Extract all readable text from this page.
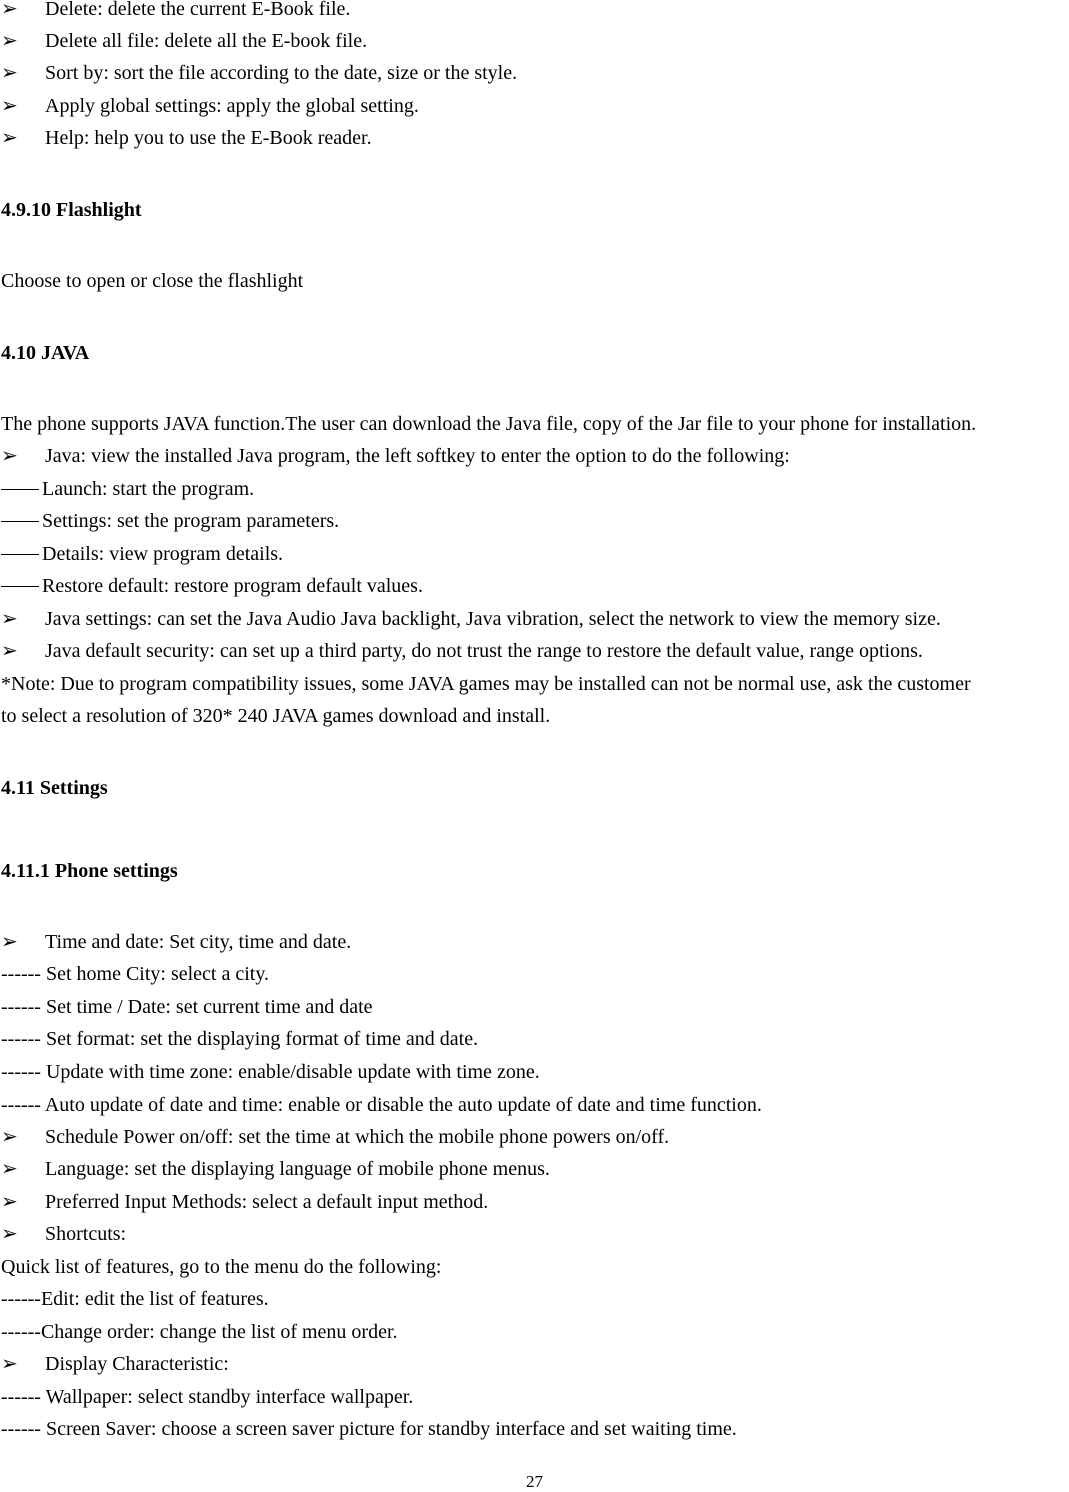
➢ Delete: delete the current E-Book file.
➢ Delete all file: delete all the E-book file.
➢ Sort by: sort the file according to the date, size or the style.
➢ Apply global settings: apply the global setting.
➢ Help: help you to use the E-Book reader.
4.9.10 Flashlight
Choose to open or close the flashlight
4.10 JAVA
The phone supports JAVA function.The user can download the Java file, copy of the Jar file to your phone for installation.
➢ Java: view the installed Java program, the left softkey to enter the option to do the following:
Launch: start the program.
Settings: set the program parameters.
Details: view program details.
Restore default: restore program default values.
➢ Java settings: can set the Java Audio Java backlight, Java vibration, select the network to view the memory size.
➢ Java default security: can set up a third party, do not trust the range to restore the default value, range options.
*Note: Due to program compatibility issues, some JAVA games may be installed can not be normal use, ask the customer
to select a resolution of 320* 240 JAVA games download and install.
4.11 Settings
4.11.1 Phone settings
➢ Time and date: Set city, time and date.
------ Set home City: select a city.
------ Set time / Date: set current time and date
------ Set format: set the displaying format of time and date.
------ Update with time zone: enable/disable update with time zone.
------ Auto update of date and time: enable or disable the auto update of date and time function.
➢ Schedule Power on/off: set the time at which the mobile phone powers on/off.
➢ Language: set the displaying language of mobile phone menus.
➢ Preferred Input Methods: select a default input method.
➢ Shortcuts:
Quick list of features, go to the menu do the following:
------Edit: edit the list of features.
------Change order: change the list of menu order.
➢ Display Characteristic:
------ Wallpaper: select standby interface wallpaper.
------ Screen Saver: choose a screen saver picture for standby interface and set waiting time.
27
